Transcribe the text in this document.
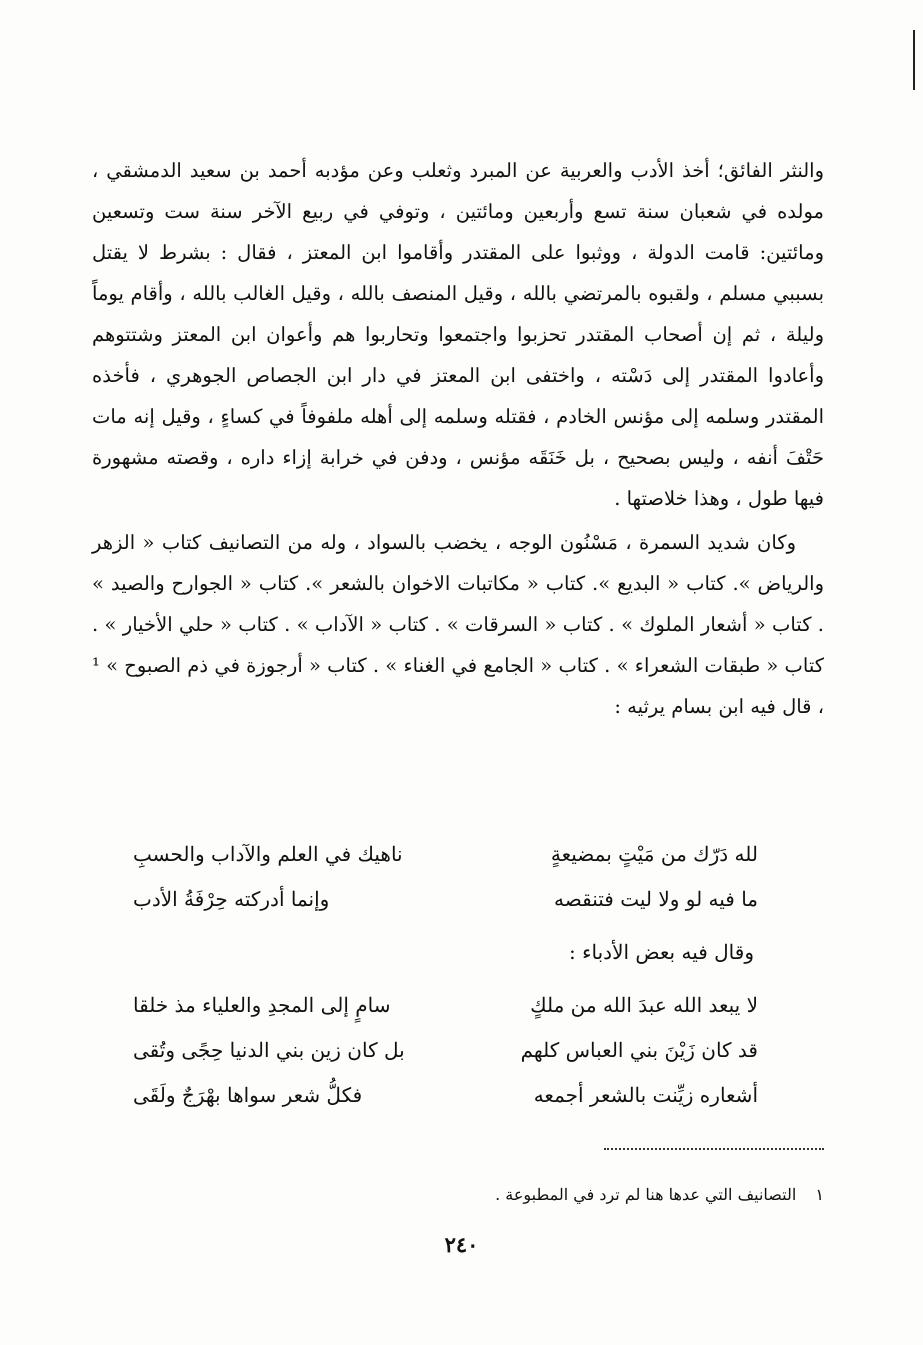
والنثر الفائق؛ أخذ الأدب والعربية عن المبرد وثعلب وعن مؤدبه أحمد بن سعيد الدمشقي ، مولده في شعبان سنة تسع وأربعين ومائتين ، وتوفي في ربيع الآخر سنة ست وتسعين ومائتين: قامت الدولة ، ووثبوا على المقتدر وأقاموا ابن المعتز ، فقال : بشرط لا يقتل بسببي مسلم ، ولقبوه بالمرتضي بالله ، وقيل المنصف بالله ، وقيل الغالب بالله ، وأقام يوماً وليلة ، ثم إن أصحاب المقتدر تحزبوا واجتمعوا وتحاربوا هم وأعوان ابن المعتز وشتتوهم وأعادوا المقتدر إلى دَسْته ، واختفى ابن المعتز في دار ابن الجصاص الجوهري ، فأخذه المقتدر وسلمه إلى مؤنس الخادم ، فقتله وسلمه إلى أهله ملفوفاً في كساءٍ ، وقيل إنه مات حَتْفَ أنفه ، وليس بصحيح ، بل خَنَقَه مؤنس ، ودفن في خرابة إزاء داره ، وقصته مشهورة فيها طول ، وهذا خلاصتها .

وكان شديد السمرة ، مَسْنُون الوجه ، يخضب بالسواد ، وله من التصانيف كتاب « الزهر والرياض ». كتاب « البديع ». كتاب « مكاتبات الاخوان بالشعر ». كتاب « الجوارح والصيد » . كتاب « أشعار الملوك » . كتاب « السرقات » . كتاب « الآداب » . كتاب « حلي الأخيار » . كتاب « طبقات الشعراء » . كتاب « الجامع في الغناء » . كتاب « أرجوزة في ذم الصبوح » ¹ ، قال فيه ابن بسام يرثيه :

لله دَرّك من مَيْتٍ بمضيعةٍ
ناهيك في العلم والآداب والحسبِ
ما فيه لو ولا ليت فتنقصه
وإنما أدركته حِرْفَةُ الأدب
وقال فيه بعض الأدباء :
لا يبعد الله عبدَ الله من ملكٍ
سامٍ إلى المجدِ والعلياء مذ خلقا
قد كان زَيْنَ بني العباس كلهم
بل كان زين بني الدنيا حِجًى وتُقى
أشعاره زيِّنت بالشعر أجمعه
فكلُّ شعر سواها بهْرَجٌ ولَقَى
١ التصانيف التي عدها هنا لم ترد في المطبوعة .
٢٤٠
